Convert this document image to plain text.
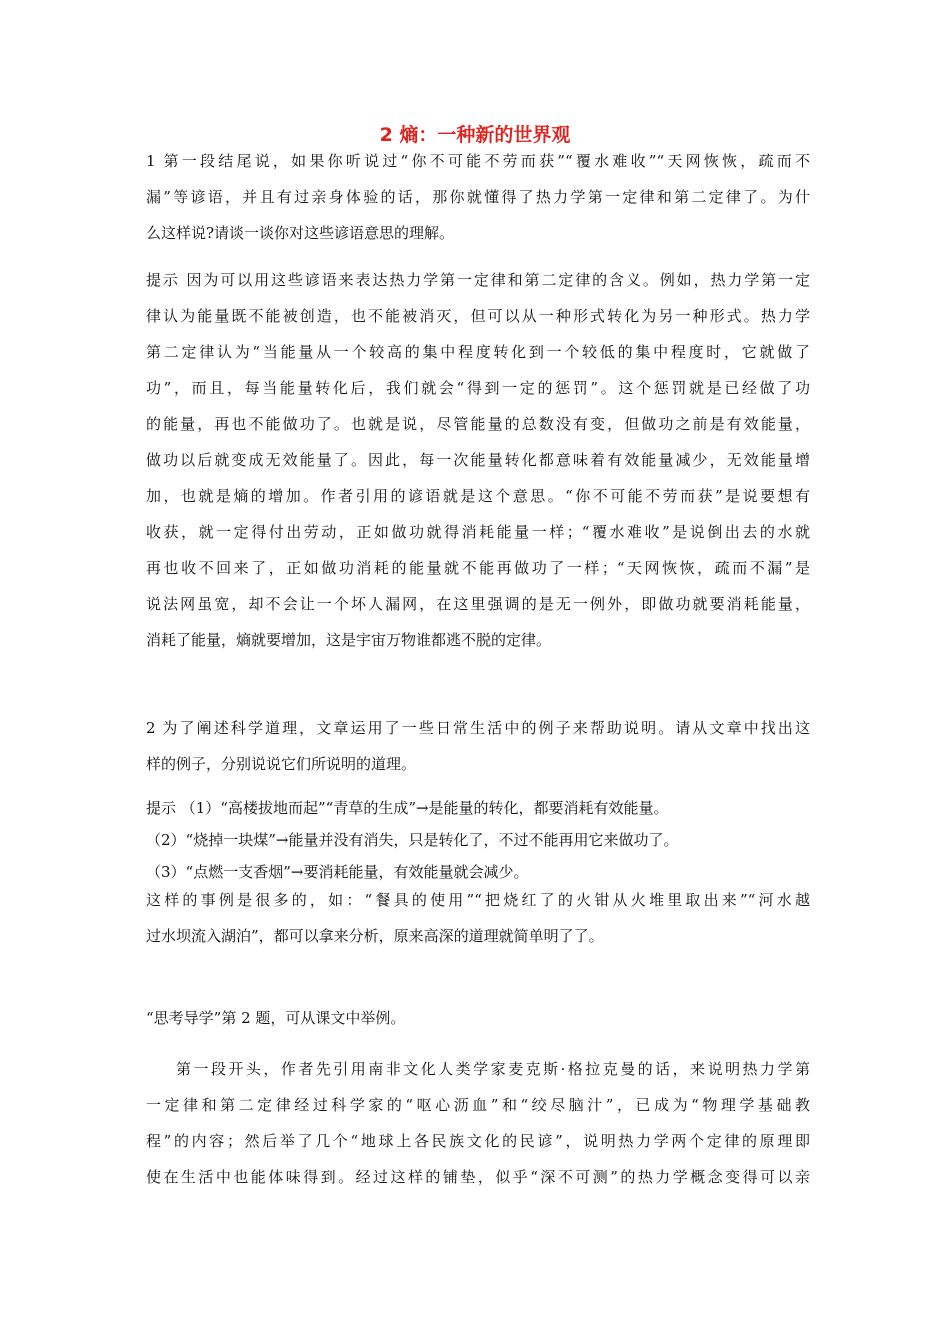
2 熵：一种新的世界观
1 第一段结尾说，如果你听说过“你不可能不劳而获”“覆水难收”“天网恢恢，疏而不
漏”等谚语，并且有过亲身体验的话，那你就懂得了热力学第一定律和第二定律了。为什
么这样说?请谈一谈你对这些谚语意思的理解。
提示 因为可以用这些谚语来表达热力学第一定律和第二定律的含义。例如，热力学第一定
律认为能量既不能被创造，也不能被消灭，但可以从一种形式转化为另一种形式。热力学
第二定律认为“当能量从一个较高的集中程度转化到一个较低的集中程度时，它就做了
功”，而且，每当能量转化后，我们就会“得到一定的惩罚”。这个惩罚就是已经做了功
的能量，再也不能做功了。也就是说，尽管能量的总数没有变，但做功之前是有效能量，
做功以后就变成无效能量了。因此，每一次能量转化都意味着有效能量减少，无效能量增
加，也就是熵的增加。作者引用的谚语就是这个意思。“你不可能不劳而获”是说要想有
收获，就一定得付出劳动，正如做功就得消耗能量一样；“覆水难收”是说倒出去的水就
再也收不回来了，正如做功消耗的能量就不能再做功了一样；“天网恢恢，疏而不漏”是
说法网虽宽，却不会让一个坏人漏网，在这里强调的是无一例外，即做功就要消耗能量，
消耗了能量，熵就要增加，这是宇宙万物谁都逃不脱的定律。
2 为了阐述科学道理，文章运用了一些日常生活中的例子来帮助说明。请从文章中找出这
样的例子，分别说说它们所说明的道理。
提示 （1）“高楼拔地而起”“青草的生成”→是能量的转化，都要消耗有效能量。
（2）“烧掉一块煤”→能量并没有消失，只是转化了，不过不能再用它来做功了。
（3）“点燃一支香烟”→要消耗能量，有效能量就会减少。
这样的事例是很多的，如：“餐具的使用”“把烧红了的火钳从火堆里取出来”“河水越
过水坝流入湖泊”，都可以拿来分析，原来高深的道理就简单明了了。
“思考导学”第 2 题，可从课文中举例。
第一段开头，作者先引用南非文化人类学家麦克斯·格拉克曼的话，来说明热力学第
一定律和第二定律经过科学家的“呕心沥血”和“绞尽脑汁”，已成为“物理学基础教
程”的内容；然后举了几个“地球上各民族文化的民谚”，说明热力学两个定律的原理即
使在生活中也能体味得到。经过这样的铺垫，似乎“深不可测”的热力学概念变得可以亲
